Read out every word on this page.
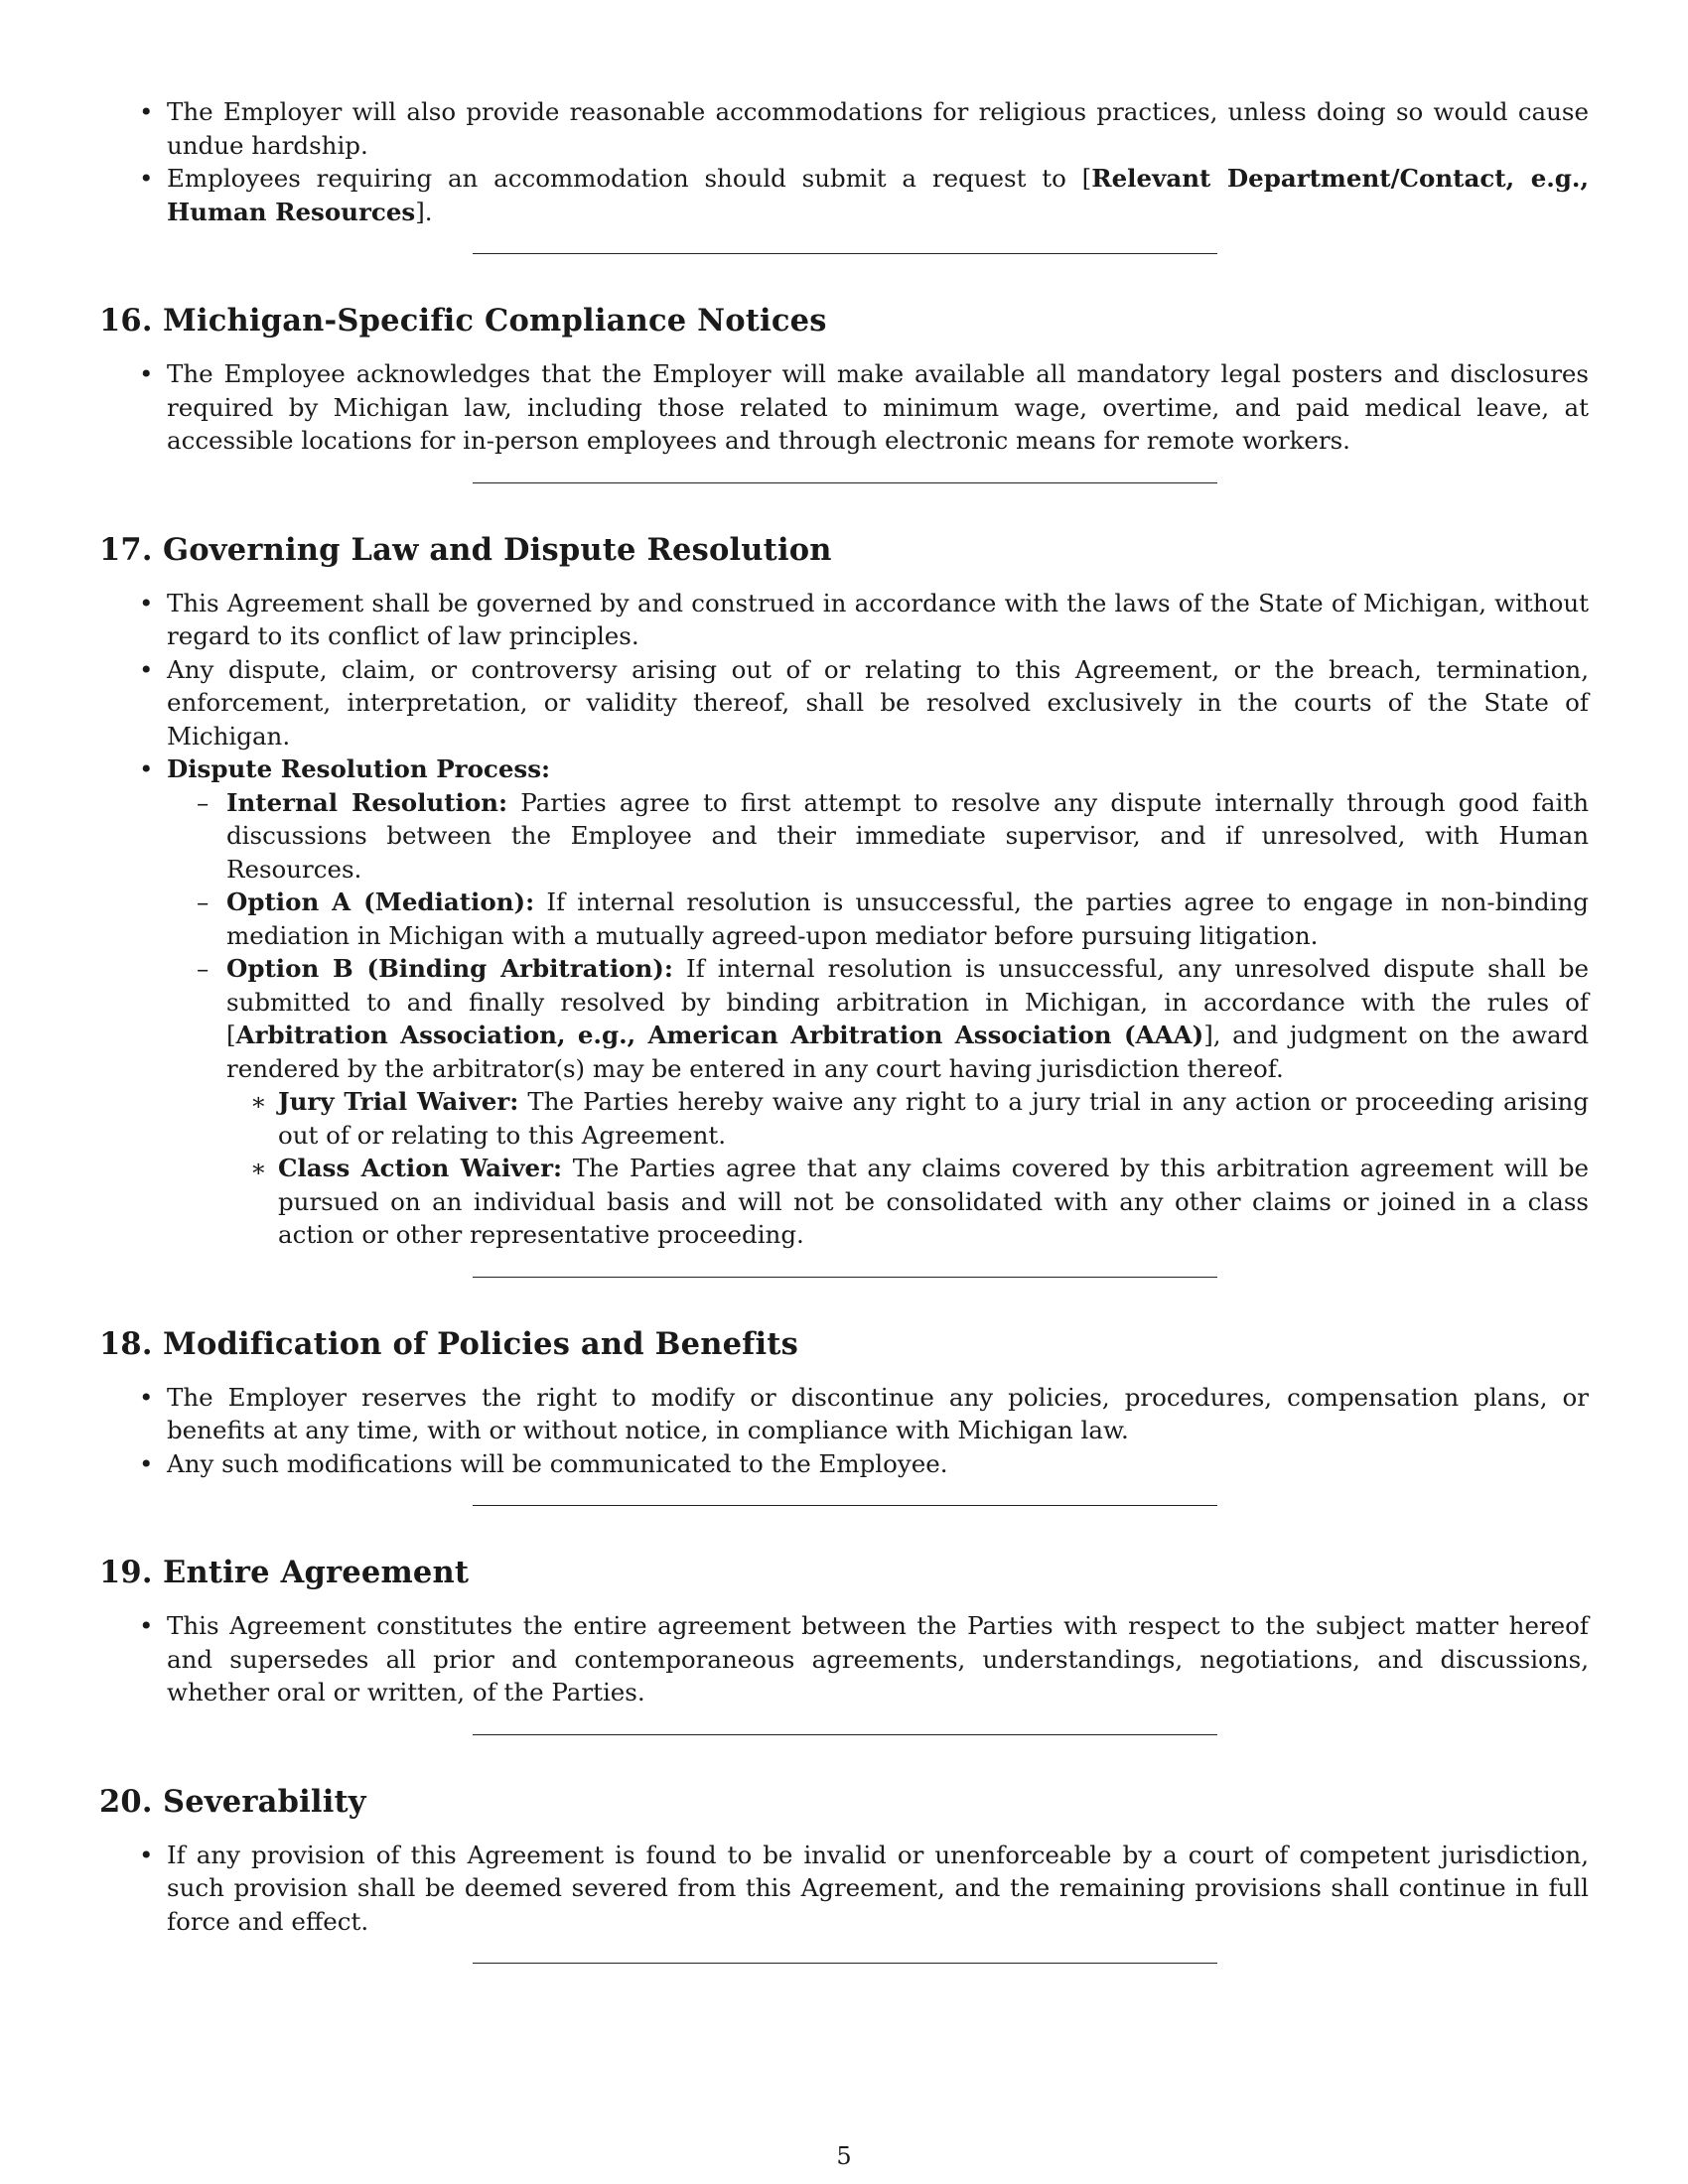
• The Employer will also provide reasonable accommodations for religious practices, unless doing so would cause undue hardship.
• Employees requiring an accommodation should submit a request to [Relevant Department/Contact, e.g., Human Resources].
16. Michigan-Specific Compliance Notices
• The Employee acknowledges that the Employer will make available all mandatory legal posters and disclosures required by Michigan law, including those related to minimum wage, overtime, and paid medical leave, at accessible locations for in-person employees and through electronic means for remote workers.
17. Governing Law and Dispute Resolution
• This Agreement shall be governed by and construed in accordance with the laws of the State of Michigan, without regard to its conflict of law principles.
• Any dispute, claim, or controversy arising out of or relating to this Agreement, or the breach, termination, enforcement, interpretation, or validity thereof, shall be resolved exclusively in the courts of the State of Michigan.
• Dispute Resolution Process:
– Internal Resolution: Parties agree to first attempt to resolve any dispute internally through good faith discussions between the Employee and their immediate supervisor, and if unresolved, with Human Resources.
– Option A (Mediation): If internal resolution is unsuccessful, the parties agree to engage in non-binding mediation in Michigan with a mutually agreed-upon mediator before pursuing litigation.
– Option B (Binding Arbitration): If internal resolution is unsuccessful, any unresolved dispute shall be submitted to and finally resolved by binding arbitration in Michigan, in accordance with the rules of [Arbitration Association, e.g., American Arbitration Association (AAA)], and judgment on the award rendered by the arbitrator(s) may be entered in any court having jurisdiction thereof.
∗ Jury Trial Waiver: The Parties hereby waive any right to a jury trial in any action or proceeding arising out of or relating to this Agreement.
∗ Class Action Waiver: The Parties agree that any claims covered by this arbitration agreement will be pursued on an individual basis and will not be consolidated with any other claims or joined in a class action or other representative proceeding.
18. Modification of Policies and Benefits
• The Employer reserves the right to modify or discontinue any policies, procedures, compensation plans, or benefits at any time, with or without notice, in compliance with Michigan law.
• Any such modifications will be communicated to the Employee.
19. Entire Agreement
• This Agreement constitutes the entire agreement between the Parties with respect to the subject matter hereof and supersedes all prior and contemporaneous agreements, understandings, negotiations, and discussions, whether oral or written, of the Parties.
20. Severability
• If any provision of this Agreement is found to be invalid or unenforceable by a court of competent jurisdiction, such provision shall be deemed severed from this Agreement, and the remaining provisions shall continue in full force and effect.
5
